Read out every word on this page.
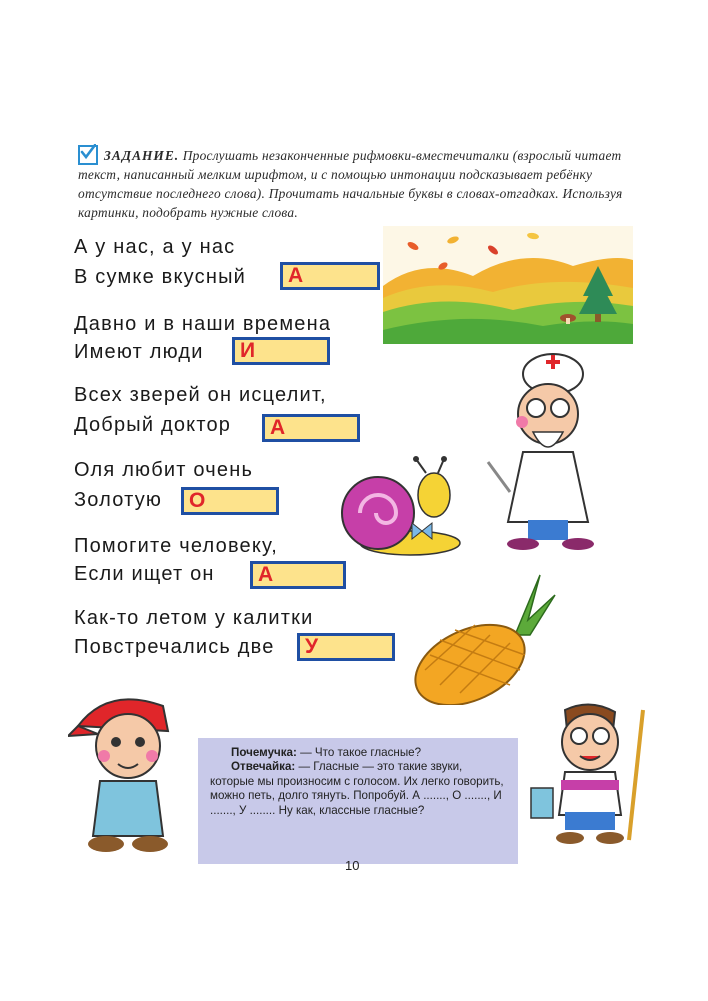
ЗАДАНИЕ. Прослушать незаконченные рифмовки-вместечиталки (взрослый читает текст, написанный мелким шрифтом, и с помощью интонации подсказывает ребёнку отсутствие последнего слова). Прочитать начальные буквы в словах-отгадках. Используя картинки, подобрать нужные слова.
А у нас, а у нас
В сумке вкусный	А
Давно и в наши времена
Имеют люди	И
Всех зверей он исцелит,
Добрый доктор	А
Оля любит очень
Золотую	О
Помогите человеку,
Если ищет он	А
Как-то летом у калитки
Повстречались две	У

Почемучка: — Что такое гласные?

Отвечайка: — Гласные — это такие звуки, которые мы произносим с голосом. Их легко говорить, можно петь, долго тянуть. Попробуй. А ......., О ......., И ......., У ........ Ну как, классные гласные?

10
